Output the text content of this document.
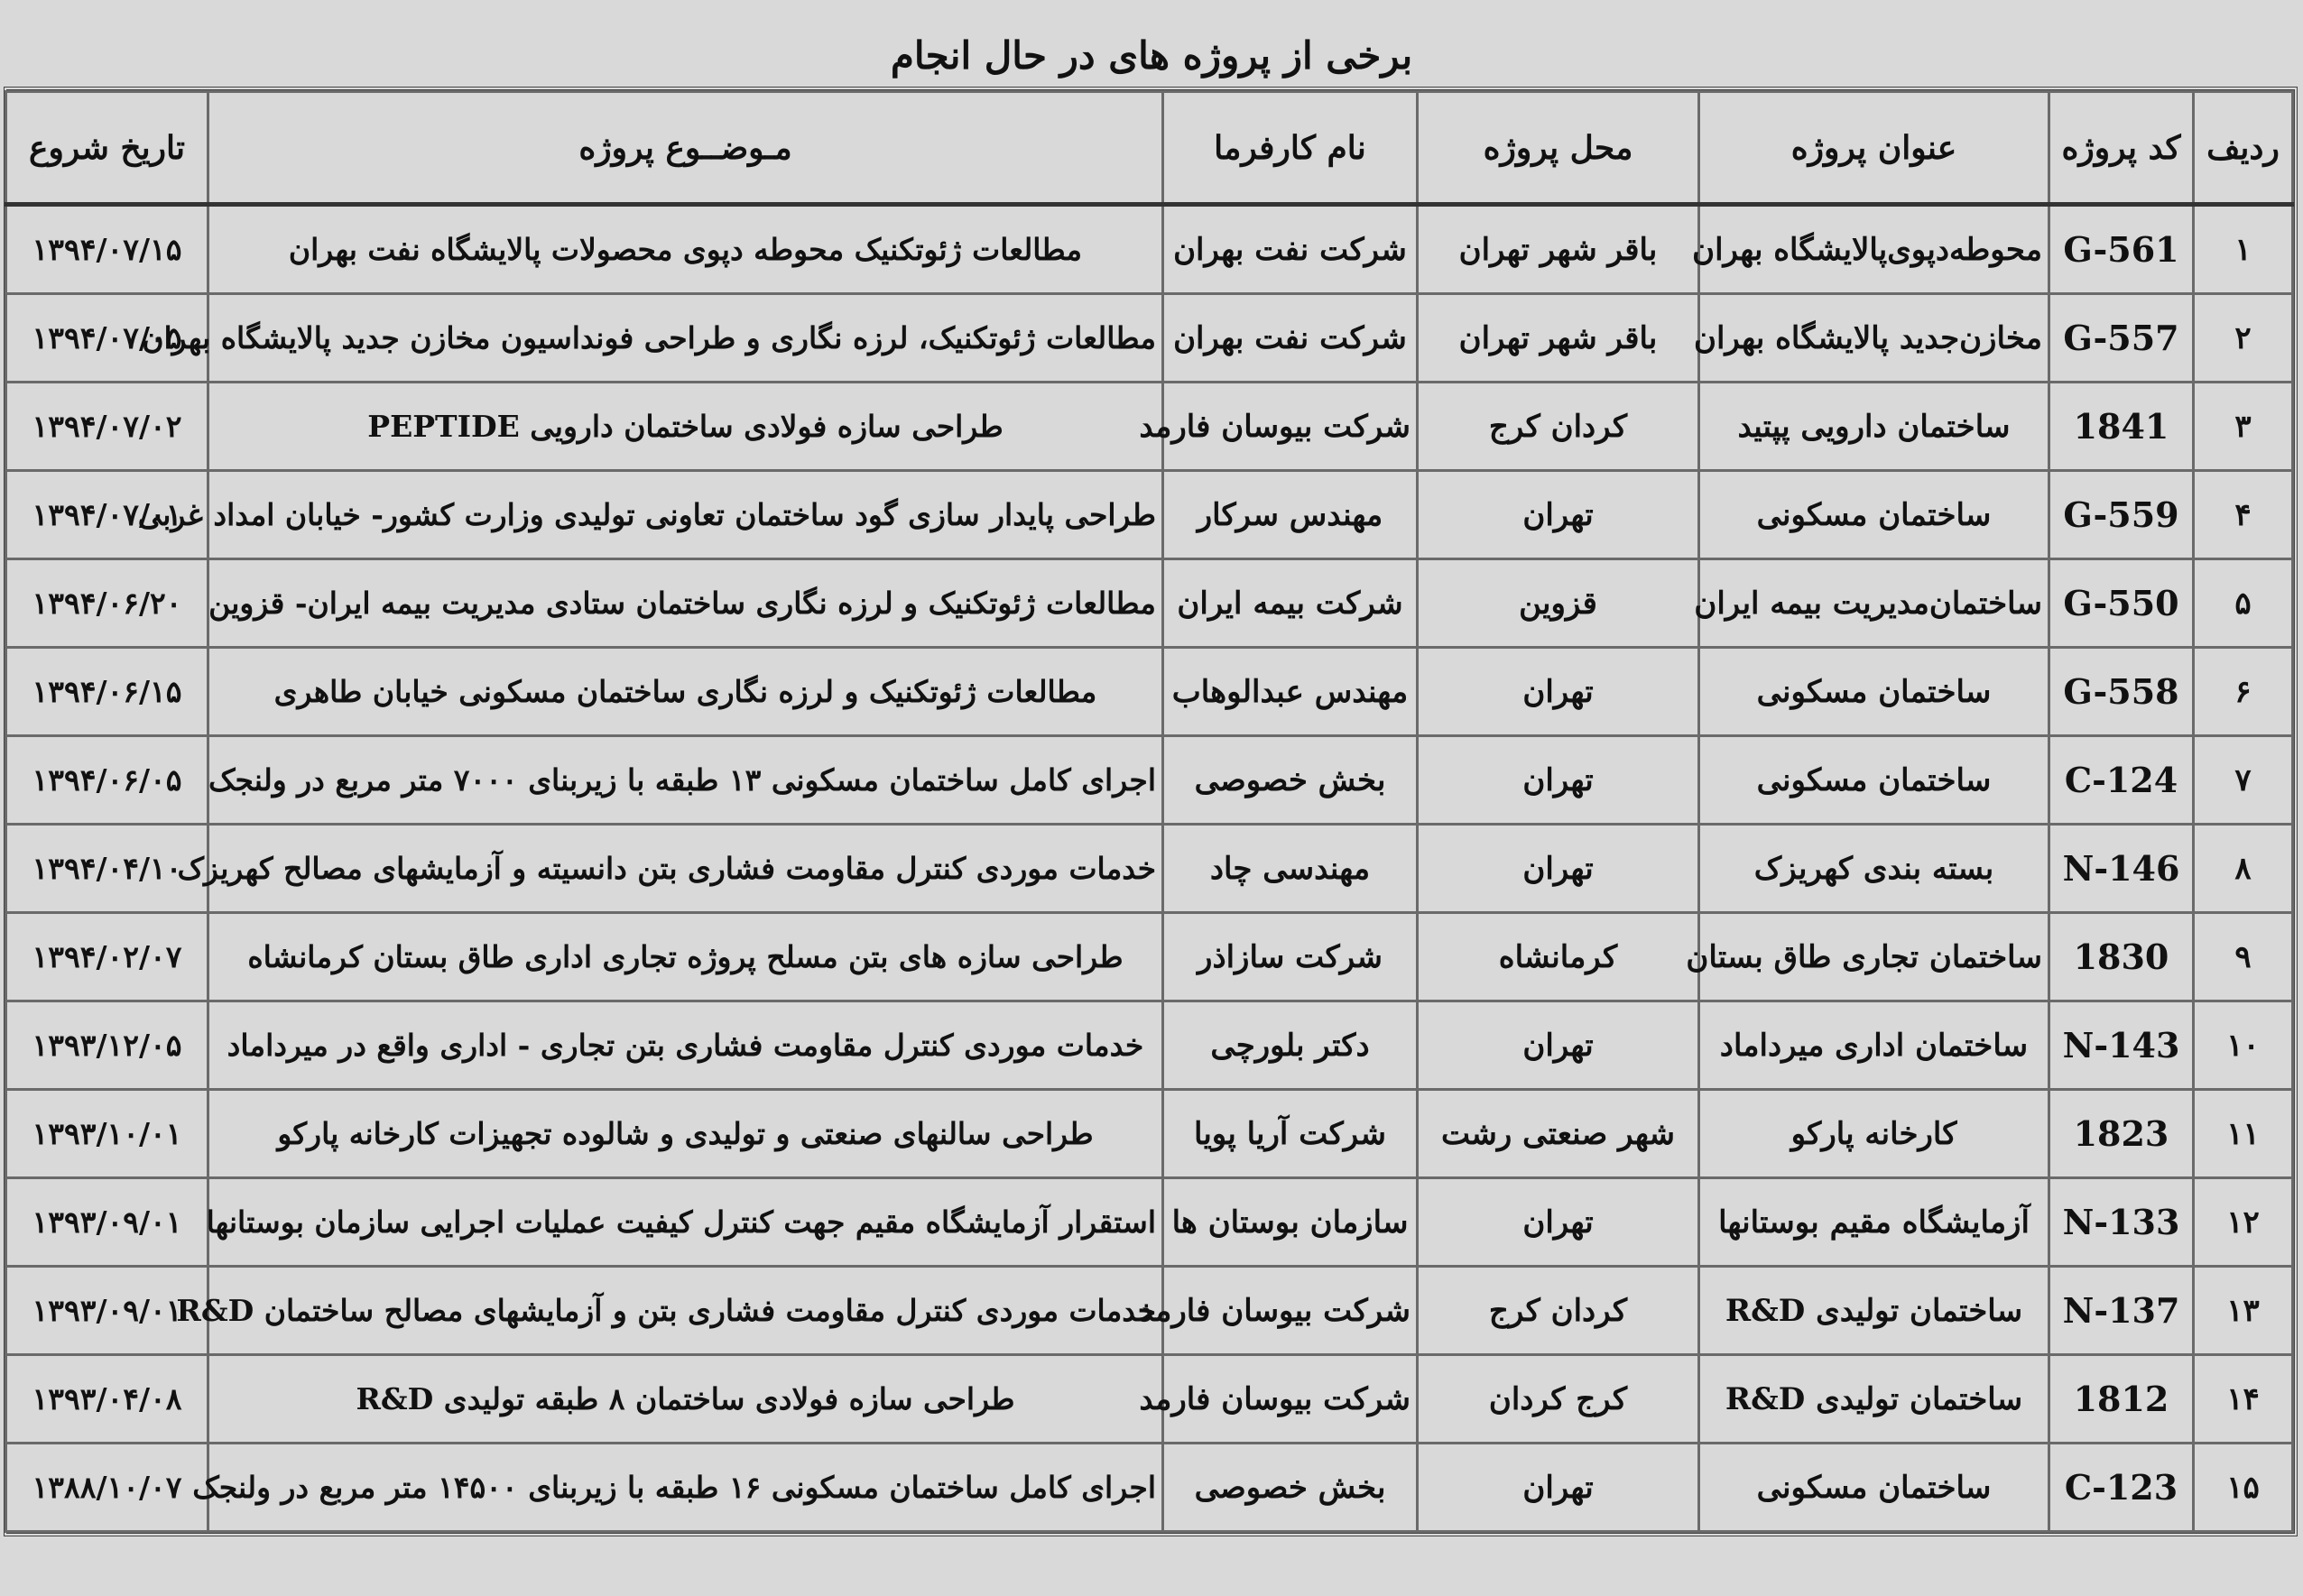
برخی از پروژه های در حال انجام
ردیف	کد پروژه	عنوان پروژه	محل پروژه	نام کارفرما	مـوضــوع پروژه	تاریخ شروع
۱	G-561	محوطه‌دپوی‌پالایشگاه بهران	باقر شهر تهران	شرکت نفت بهران	مطالعات ژئوتکنیک محوطه دپوی محصولات پالایشگاه نفت بهران	۱۳۹۴/۰۷/۱۵
۲	G-557	مخازن‌جدید پالایشگاه بهران	باقر شهر تهران	شرکت نفت بهران	مطالعات ژئوتکنیک، لرزه نگاری و طراحی فونداسیون مخازن جدید پالایشگاه بهران	۱۳۹۴/۰۷/۰۵
۳	1841	ساختمان دارویی پپتید	کردان کرج	شرکت بیوسان فارمد	طراحی سازه فولادی ساختمان دارویی PEPTIDE	۱۳۹۴/۰۷/۰۲
۴	G-559	ساختمان مسکونی	تهران	مهندس سرکار	طراحی پایدار سازی گود ساختمان تعاونی تولیدی وزارت کشور- خیابان امداد غربی	۱۳۹۴/۰۷/۰۱
۵	G-550	ساختمان‌مدیریت بیمه ایران	قزوین	شرکت بیمه ایران	مطالعات ژئوتکنیک و لرزه نگاری ساختمان ستادی مدیریت بیمه ایران- قزوین	۱۳۹۴/۰۶/۲۰
۶	G-558	ساختمان مسکونی	تهران	مهندس عبدالوهاب	مطالعات ژئوتکنیک و لرزه نگاری ساختمان مسکونی خیابان طاهری	۱۳۹۴/۰۶/۱۵
۷	C-124	ساختمان مسکونی	تهران	بخش خصوصی	اجرای کامل ساختمان مسکونی ۱۳ طبقه با زیربنای ۷۰۰۰ متر مربع در ولنجک	۱۳۹۴/۰۶/۰۵
۸	N-146	بسته بندی کهریزک	تهران	مهندسی چاد	خدمات موردی کنترل مقاومت فشاری بتن دانسیته و آزمایشهای مصالح کهریزک	۱۳۹۴/۰۴/۱۰
۹	1830	ساختمان تجاری طاق بستان	کرمانشاه	شرکت سازاذر	طراحی سازه های بتن مسلح پروژه تجاری اداری طاق بستان کرمانشاه	۱۳۹۴/۰۲/۰۷
۱۰	N-143	ساختمان اداری میرداماد	تهران	دکتر بلورچی	خدمات موردی کنترل مقاومت فشاری بتن تجاری - اداری واقع در میرداماد	۱۳۹۳/۱۲/۰۵
۱۱	1823	کارخانه پارکو	شهر صنعتی رشت	شرکت آریا پویا	طراحی سالنهای صنعتی و تولیدی و شالوده تجهیزات کارخانه پارکو	۱۳۹۳/۱۰/۰۱
۱۲	N-133	آزمایشگاه مقیم بوستانها	تهران	سازمان بوستان ها	استقرار آزمایشگاه مقیم جهت کنترل کیفیت عملیات اجرایی سازمان بوستانها	۱۳۹۳/۰۹/۰۱
۱۳	N-137	ساختمان تولیدی R&D	کردان کرج	شرکت بیوسان فارمد	خدمات موردی کنترل مقاومت فشاری بتن و آزمایشهای مصالح ساختمان R&D	۱۳۹۳/۰۹/۰۱
۱۴	1812	ساختمان تولیدی R&D	کرج کردان	شرکت بیوسان فارمد	طراحی سازه فولادی ساختمان ۸ طبقه تولیدی R&D	۱۳۹۳/۰۴/۰۸
۱۵	C-123	ساختمان مسکونی	تهران	بخش خصوصی	اجرای کامل ساختمان مسکونی ۱۶ طبقه با زیربنای ۱۴۵۰۰ متر مربع در ولنجک	۱۳۸۸/۱۰/۰۷
